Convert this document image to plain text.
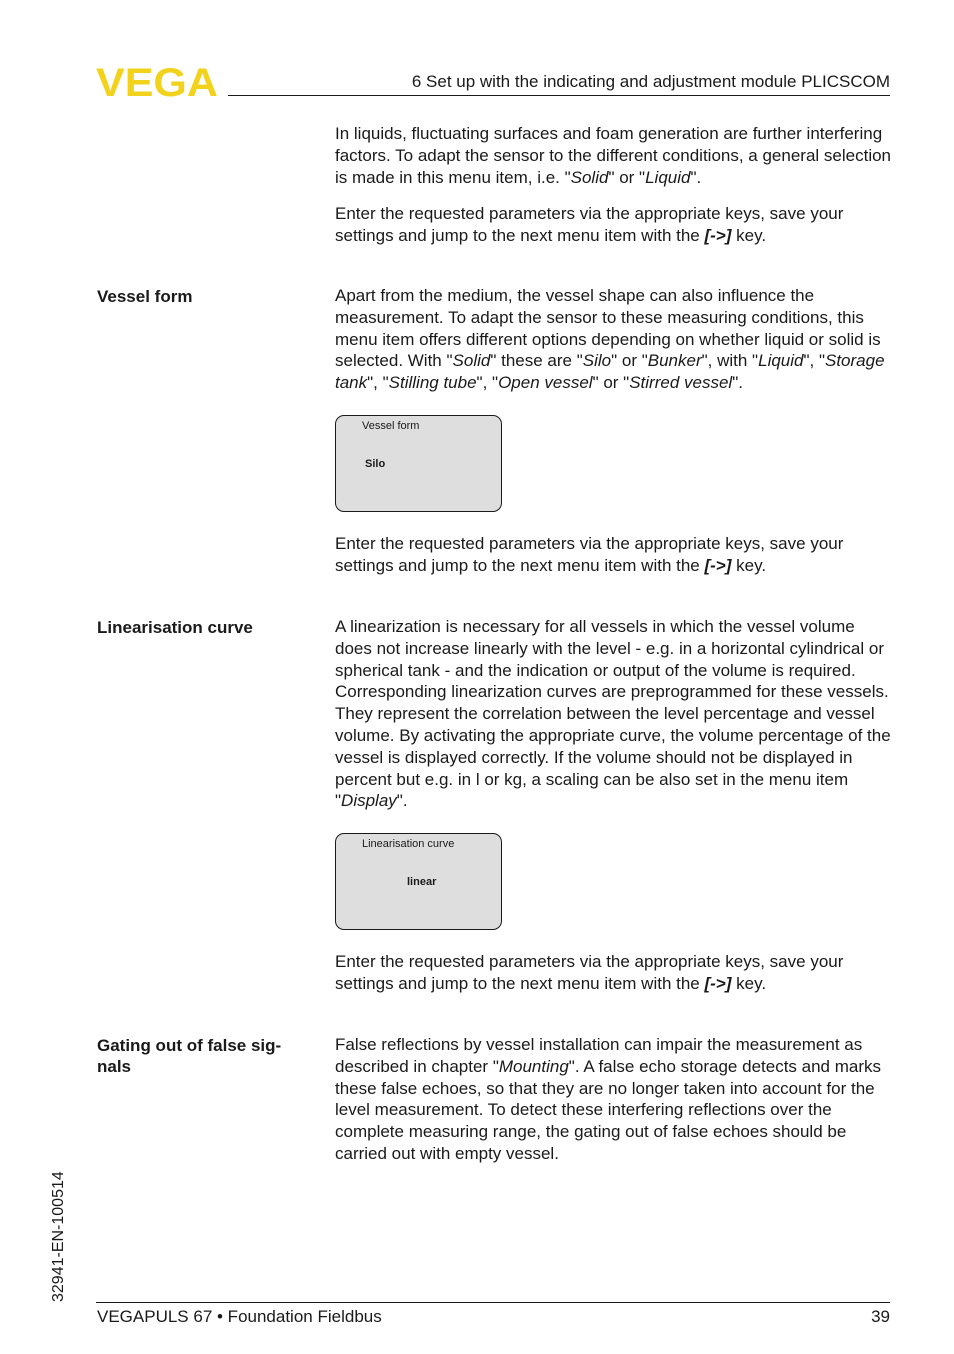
VEGA	6 Set up with the indicating and adjustment module PLICSCOM

In liquids, fluctuating surfaces and foam generation are further interfering factors. To adapt the sensor to the different conditions, a general selection is made in this menu item, i.e. "Solid" or "Liquid".

Enter the requested parameters via the appropriate keys, save your settings and jump to the next menu item with the [->] key.

Vessel form	Apart from the medium, the vessel shape can also influence the measurement. To adapt the sensor to these measuring conditions, this menu item offers different options depending on whether liquid or solid is selected. With "Solid" these are "Silo" or "Bunker", with "Liquid", "Storage tank", "Stilling tube", "Open vessel" or "Stirred vessel".

Vessel form
Silo

Enter the requested parameters via the appropriate keys, save your settings and jump to the next menu item with the [->] key.

Linearisation curve	A linearization is necessary for all vessels in which the vessel volume does not increase linearly with the level - e.g. in a horizontal cylindrical or spherical tank - and the indication or output of the volume is required. Corresponding linearization curves are preprogrammed for these vessels. They represent the correlation between the level percentage and vessel volume. By activating the appropriate curve, the volume percentage of the vessel is displayed correctly. If the volume should not be displayed in percent but e.g. in l or kg, a scaling can be also set in the menu item "Display".

Linearisation curve
linear

Enter the requested parameters via the appropriate keys, save your settings and jump to the next menu item with the [->] key.

Gating out of false sig-
nals

False reflections by vessel installation can impair the measurement as described in chapter "Mounting". A false echo storage detects and marks these false echoes, so that they are no longer taken into account for the level measurement. To detect these interfering reflections over the complete measuring range, the gating out of false echoes should be carried out with empty vessel.

32941-EN-100514
VEGAPULS 67 • Foundation Fieldbus	39
